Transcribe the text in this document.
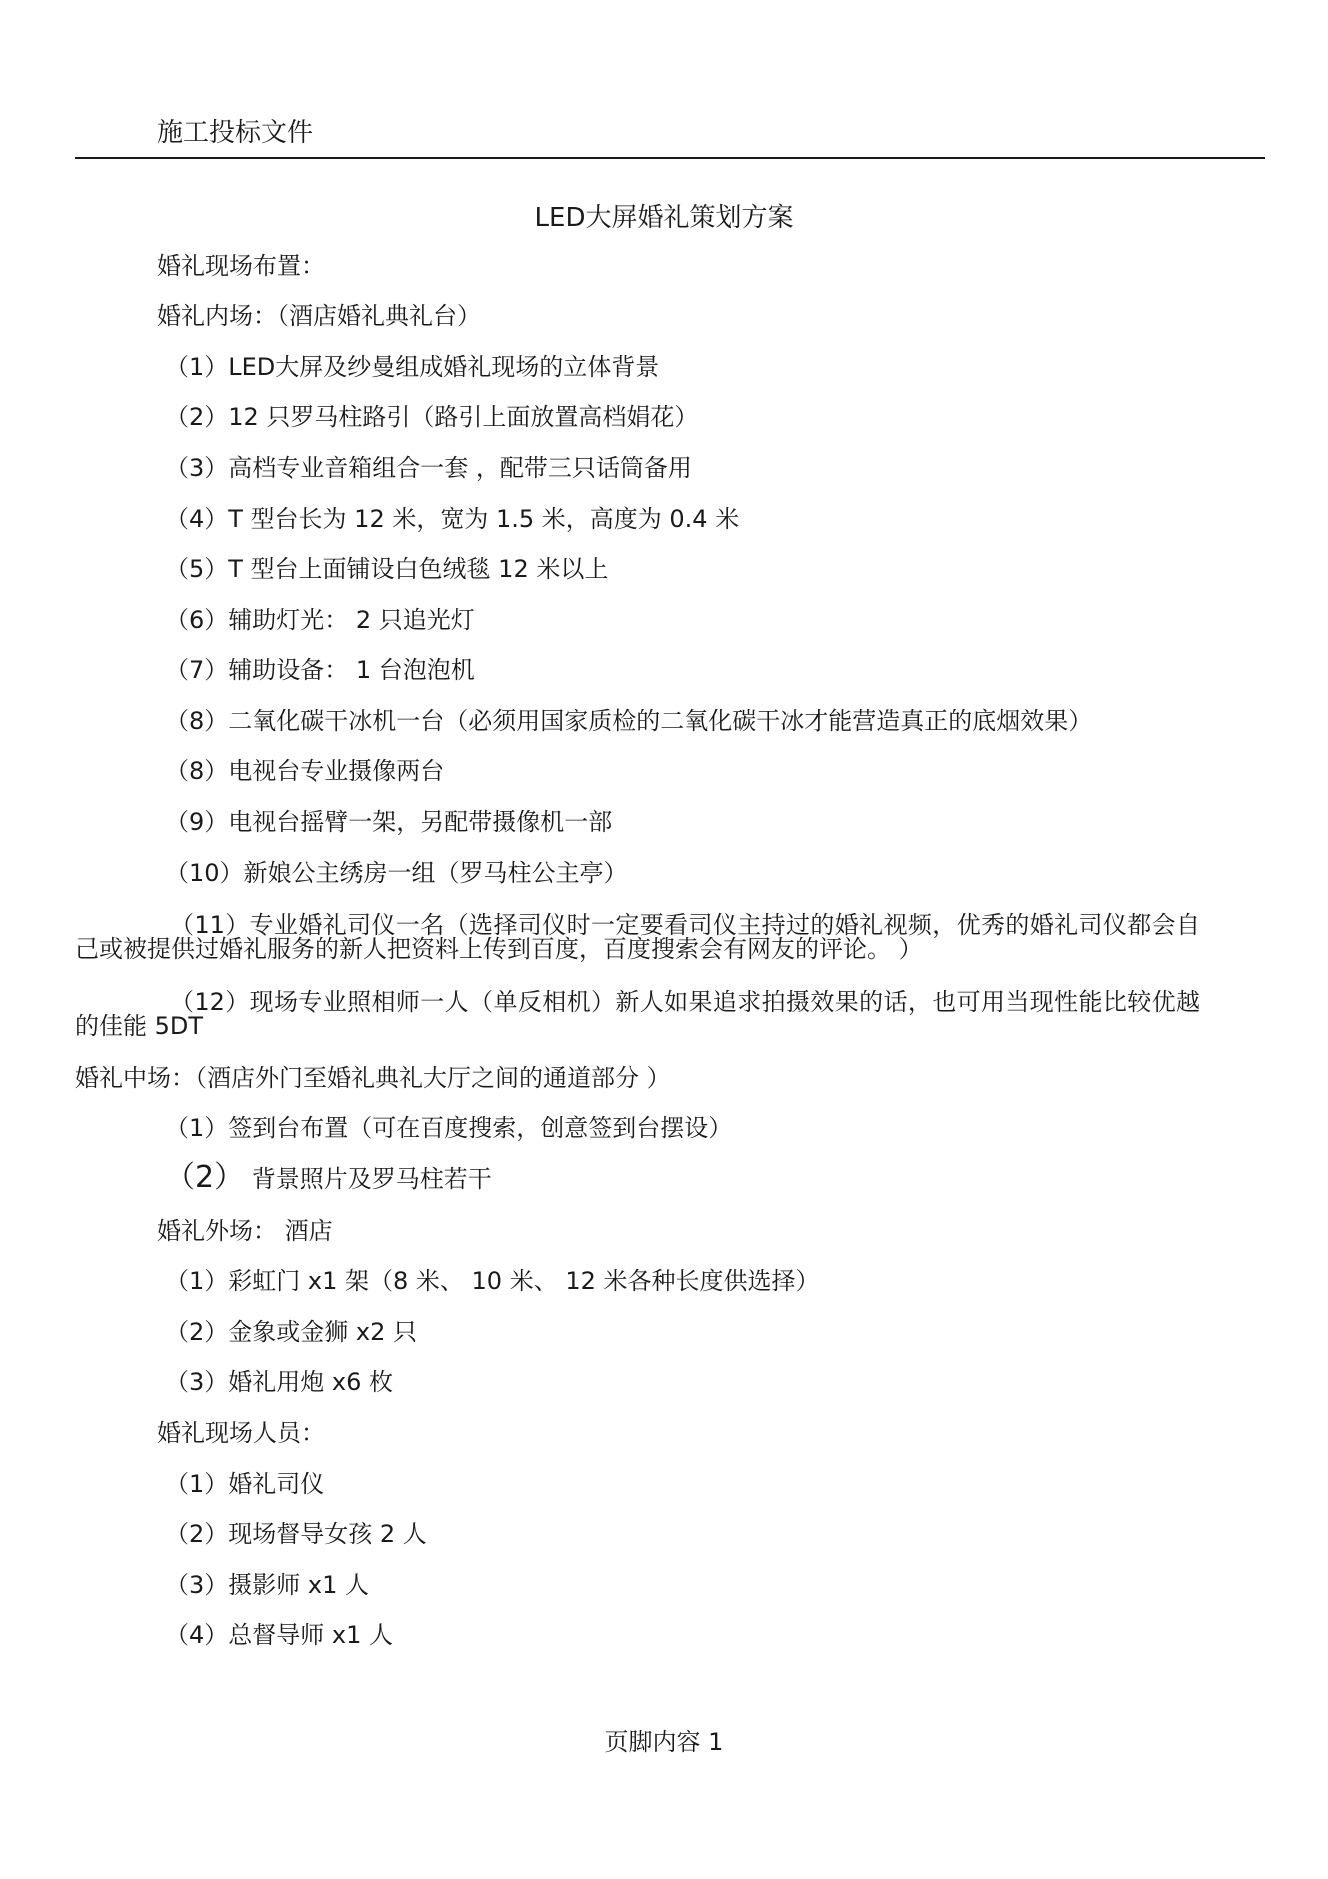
施工投标文件
LED大屏婚礼策划方案
婚礼现场布置：
婚礼内场：（酒店婚礼典礼台）
（1）LED大屏及纱曼组成婚礼现场的立体背景
（2）12 只罗马柱路引（路引上面放置高档娟花）
（3）高档专业音箱组合一套 ，配带三只话筒备用
（4）T 型台长为 12 米，宽为 1.5 米，高度为 0.4 米
（5）T 型台上面铺设白色绒毯 12 米以上
（6）辅助灯光： 2 只追光灯
（7）辅助设备： 1 台泡泡机
（8）二氧化碳干冰机一台（必须用国家质检的二氧化碳干冰才能营造真正的底烟效果）
（8）电视台专业摄像两台
（9）电视台摇臂一架，另配带摄像机一部
（10）新娘公主绣房一组（罗马柱公主亭）
（11）专业婚礼司仪一名（选择司仪时一定要看司仪主持过的婚礼视频，优秀的婚礼司仪都会自己或被提供过婚礼服务的新人把资料上传到百度，百度搜索会有网友的评论。 ）
（12）现场专业照相师一人（单反相机）新人如果追求拍摄效果的话，也可用当现性能比较优越的佳能 5DT
婚礼中场：（酒店外门至婚礼典礼大厅之间的通道部分 ）
（1）签到台布置（可在百度搜索，创意签到台摆设）
（2） 背景照片及罗马柱若干
婚礼外场： 酒店
（1）彩虹门 x1 架（8 米、 10 米、 12 米各种长度供选择）
（2）金象或金狮 x2 只
（3）婚礼用炮 x6 枚
婚礼现场人员：
（1）婚礼司仪
（2）现场督导女孩 2 人
（3）摄影师 x1 人
（4）总督导师 x1 人
页脚内容 1
